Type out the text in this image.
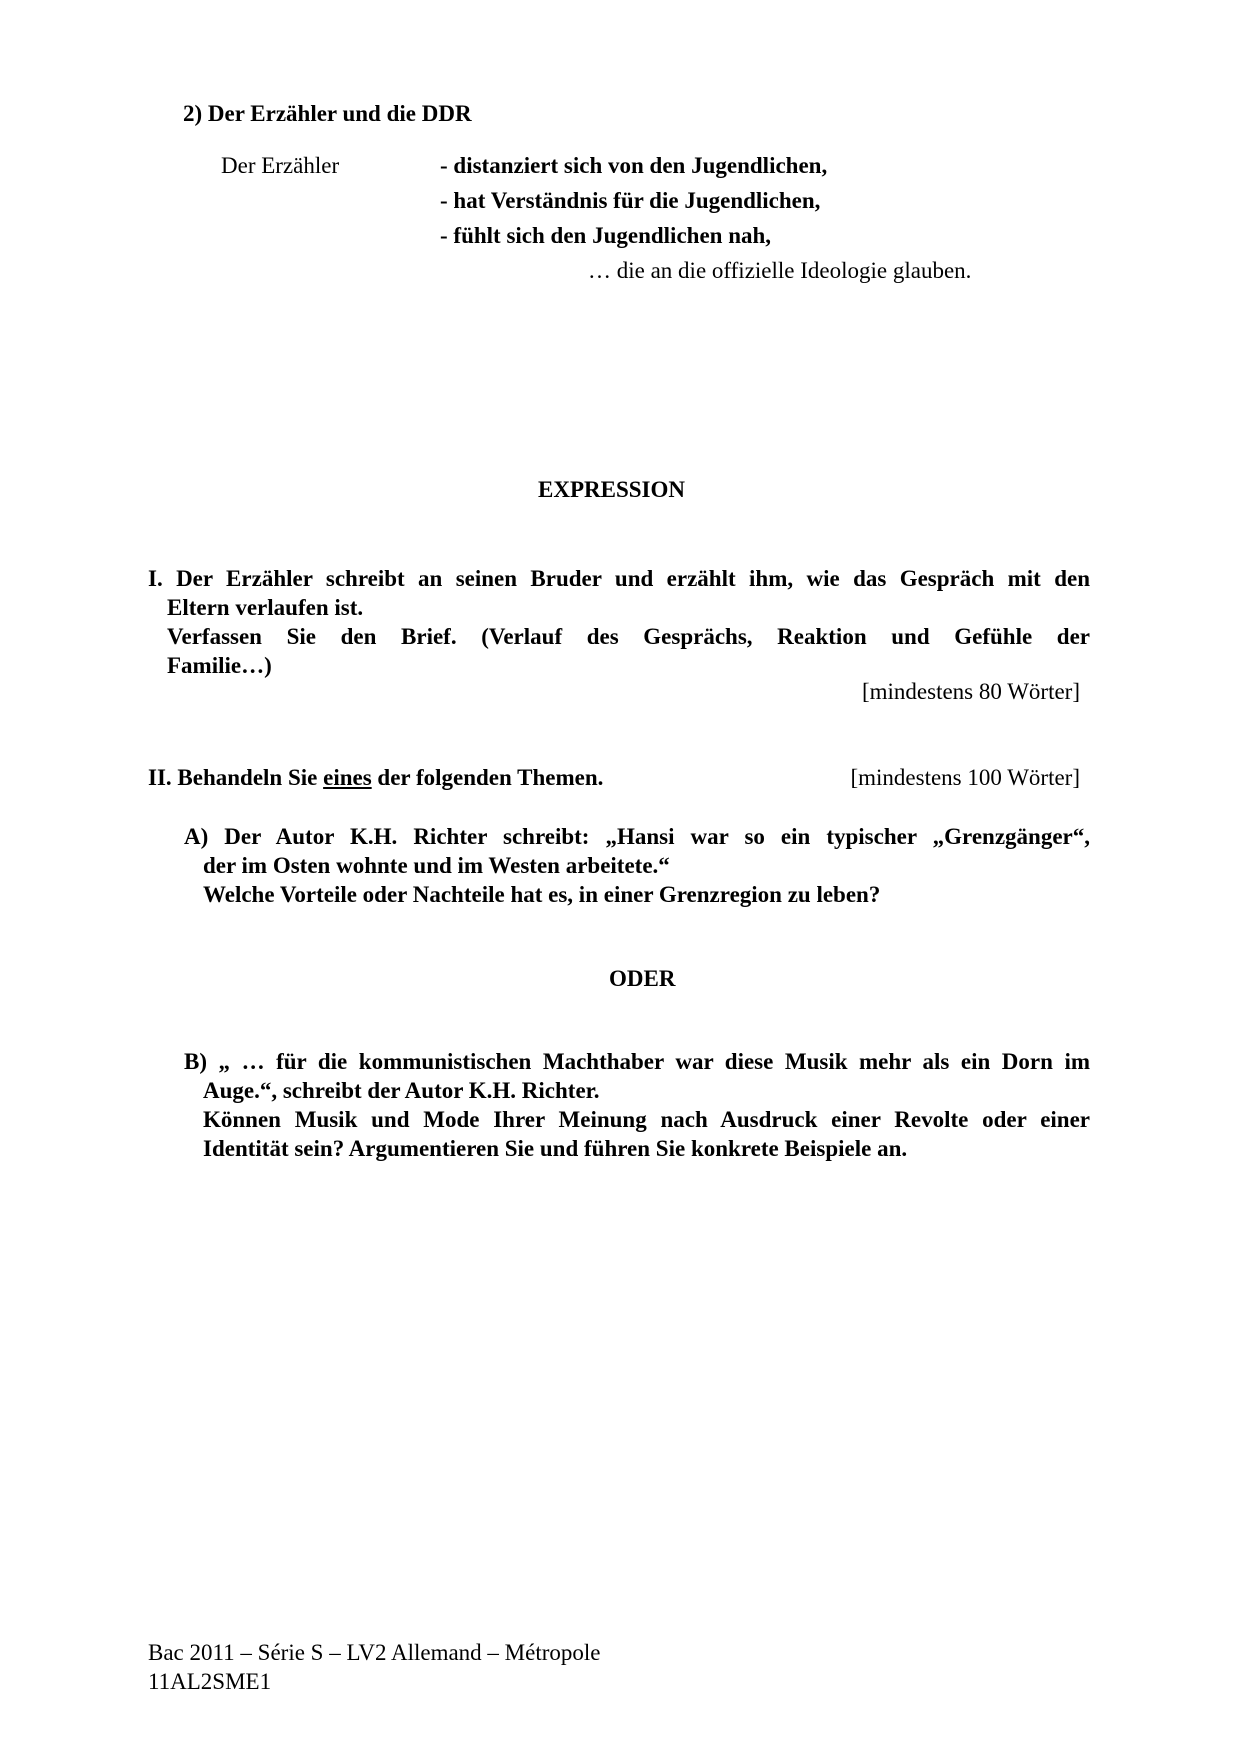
2) Der Erzähler und die DDR
Der Erzähler	- distanziert sich von den Jugendlichen,
- hat Verständnis für die Jugendlichen,
- fühlt sich den Jugendlichen nah,
… die an die offizielle Ideologie glauben.
EXPRESSION
I. Der Erzähler schreibt an seinen Bruder und erzählt ihm, wie das Gespräch mit den
Eltern verlaufen ist.
Verfassen Sie den Brief. (Verlauf des Gesprächs, Reaktion und Gefühle der
Familie…)
[mindestens 80 Wörter]
II. Behandeln Sie eines der folgenden Themen.	[mindestens 100 Wörter]
A) Der Autor K.H. Richter schreibt: „Hansi war so ein typischer „Grenzgänger“,
der im Osten wohnte und im Westen arbeitete.“
Welche Vorteile oder Nachteile hat es, in einer Grenzregion zu leben?
ODER
B) „ … für die kommunistischen Machthaber war diese Musik mehr als ein Dorn im
Auge.“, schreibt der Autor K.H. Richter.
Können Musik und Mode Ihrer Meinung nach Ausdruck einer Revolte oder einer
Identität sein? Argumentieren Sie und führen Sie konkrete Beispiele an.
Bac 2011 – Série S – LV2 Allemand – Métropole
11AL2SME1
